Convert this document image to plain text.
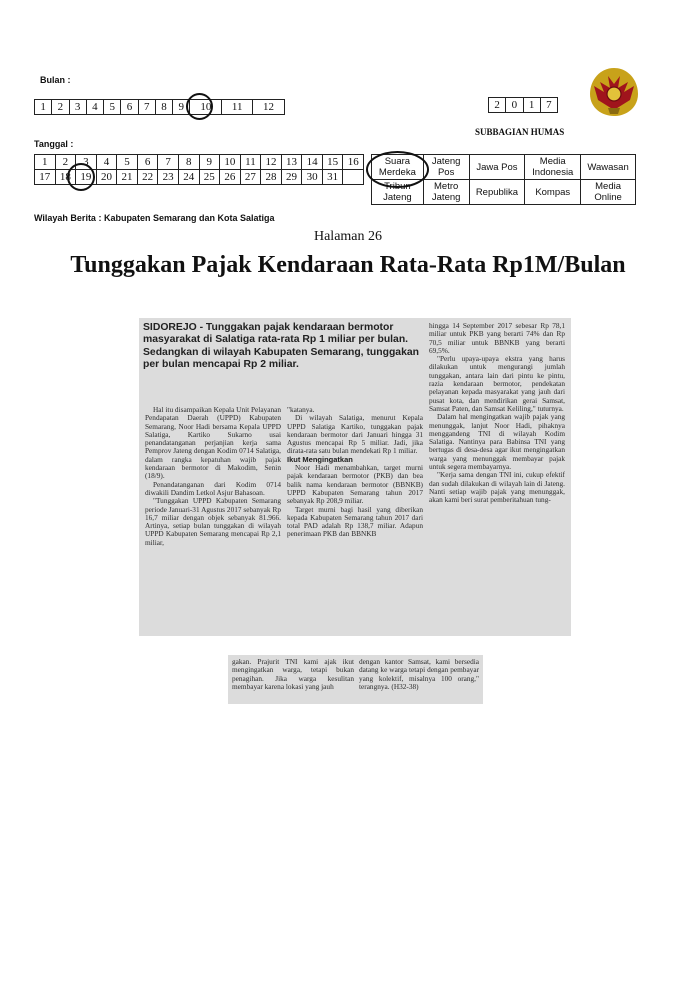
Bulan :
1	2	3	4	5	6	7	8	9	10	11	12	2	0	1	7
SUBBAGIAN HUMAS
Tanggal :
1	2	3	4	5	6	7	8	9	10	11	12	13	14	15	16
17	18	19	20	21	22	23	24	25	26	27	28	29	30	31	
Suara Merdeka	Jateng Pos	Jawa Pos	Media Indonesia	Wawasan
Tribun Jateng	Metro Jateng	Republika	Kompas	Media Online
Wilayah Berita : Kabupaten Semarang dan Kota Salatiga
Halaman 26
Tunggakan Pajak Kendaraan Rata-Rata Rp1M/Bulan
SIDOREJO - Tunggakan pajak kendaraan bermotor masyarakat di Salatiga rata-rata Rp 1 miliar per bulan. Sedangkan di wilayah Kabupaten Semarang, tunggakan per bulan mencapai Rp 2 miliar.

Hal itu disampaikan Kepala Unit Pelayanan Pendapatan Daerah (UPPD) Kabupaten Semarang, Noor Hadi bersama Kepala UPPD Salatiga, Kartiko Sukarno usai penandatanganan perjanjian kerja sama Pemprov Jateng dengan Kodim 0714 Salatiga, dalam rangka kepatuhan wajib pajak kendaraan bermotor di Makodim, Senin (18/9).

Penandatanganan dari Kodim 0714 diwakili Dandim Letkol Asjur Bahasoan.

"Tunggakan UPPD Kabupaten Semarang periode Januari-31 Agustus 2017 sebanyak Rp 16,7 miliar dengan objek sebanyak 81.966. Artinya, setiap bulan tunggakan di wilayah UPPD Kabupaten Semarang mencapai Rp 2,1 miliar,

"katanya.

Di wilayah Salatiga, menurut Kepala UPPD Salatiga Kartiko, tunggakan pajak kendaraan bermotor dari Januari hingga 31 Agustus mencapai Rp 5 miliar. Jadi, jika dirata-rata satu bulan mendekati Rp 1 miliar.

Ikut Mengingatkan

Noor Hadi menambahkan, target murni pajak kendaraan bermotor (PKB) dan bea balik nama kendaraan bermotor (BBNKB) UPPD Kabupaten Semarang tahun 2017 sebanyak Rp 208,9 miliar.

Target murni bagi hasil yang diberikan kepada Kabupaten Semarang tahun 2017 dari total PAD adalah Rp 138,7 miliar. Adapun penerimaan PKB dan BBNKB

hingga 14 September 2017 sebesar Rp 78,1 miliar untuk PKB yang berarti 74% dan Rp 70,5 miliar untuk BBNKB yang berarti 69,5%.

"Perlu upaya-upaya ekstra yang harus dilakukan untuk mengurangi jumlah tunggakan, antara lain dari pintu ke pintu, razia kendaraan bermotor, pendekatan pelayanan kepada masyarakat yang jauh dari pusat kota, dan mendirikan gerai Samsat, Samsat Paten, dan Samsat Keliling," tuturnya.

Dalam hal mengingatkan wajib pajak yang menunggak, lanjut Noor Hadi, pihaknya menggandeng TNI di wilayah Kodim Salatiga. Nantinya para Babinsa TNI yang bertugas di desa-desa agar ikut mengingatkan warga yang menunggak membayar pajak untuk segera membayarnya.

"Kerja sama dengan TNI ini, cukup efektif dan sudah dilakukan di wilayah lain di Jateng. Nanti setiap wajib pajak yang menunggak, akan kami beri surat pemberitahuan tung-

gakan. Prajurit TNI kami ajak ikut mengingatkan warga, tetapi bukan penagihan. Jika warga kesulitan membayar karena lokasi yang jauh
dengan kantor Samsat, kami bersedia datang ke warga tetapi dengan pembayar yang kolektif, misalnya 100 orang," terangnya. (H32-38)
